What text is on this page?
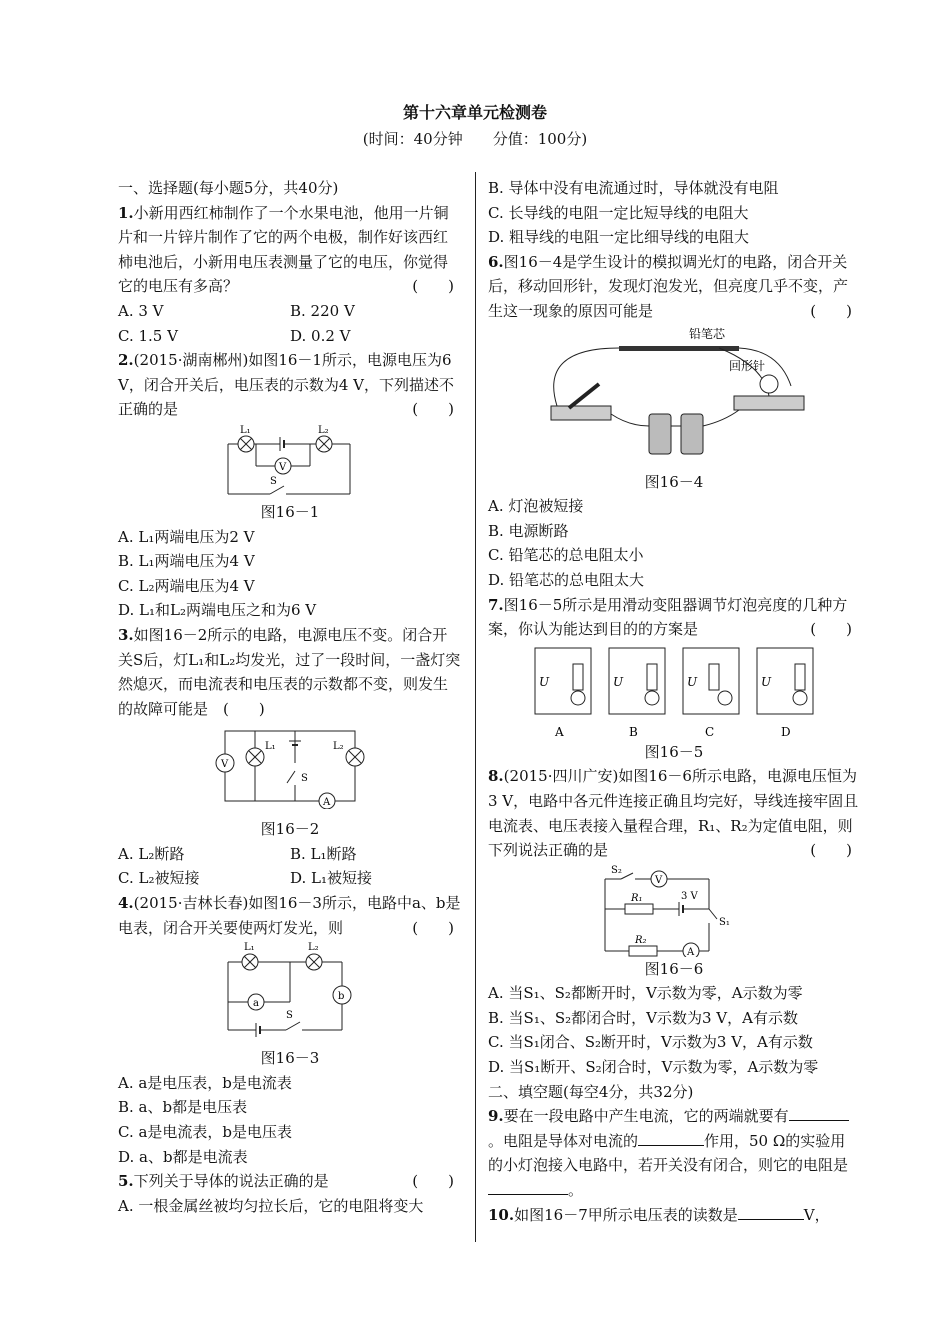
第十六章单元检测卷
(时间：40分钟　　分值：100分)

一、选择题(每小题5分，共40分)

1.小新用西红柿制作了一个水果电池，他用一片铜片和一片锌片制作了它的两个电极，制作好该西红柿电池后，小新用电压表测量了它的电压，你觉得它的电压有多高？	(　　)

A. 3 V	B. 220 V
C. 1.5 V	D. 0.2 V

2.(2015·湖南郴州)如图16－1所示，电源电压为6 V，闭合开关后，电压表的示数为4 V，下列描述不正确的是	(　　)

L₁	L₂
V
S

图16－1

A. L₁两端电压为2 V

B. L₁两端电压为4 V

C. L₂两端电压为4 V

D. L₁和L₂两端电压之和为6 V

3.如图16－2所示的电路，电源电压不变。闭合开关S后，灯L₁和L₂均发光，过了一段时间，一盏灯突然熄灭，而电流表和电压表的示数都不变，则发生的故障可能是　 (　　)

V
L₁
S
L₂
A

图16－2

A. L₂断路	B. L₁断路
C. L₂被短接	D. L₁被短接

4.(2015·吉林长春)如图16－3所示，电路中a、b是电表，闭合开关要使两灯发光，则	(　　)

L₁	L₂
a
b
S

图16－3

A. a是电压表，b是电流表

B. a、b都是电压表

C. a是电流表，b是电压表

D. a、b都是电流表

5.下列关于导体的说法正确的是	(　　)

A. 一根金属丝被均匀拉长后，它的电阻将变大

B. 导体中没有电流通过时，导体就没有电阻

C. 长导线的电阻一定比短导线的电阻大

D. 粗导线的电阻一定比细导线的电阻大

6.图16－4是学生设计的模拟调光灯的电路，闭合开关后，移动回形针，发现灯泡发光，但亮度几乎不变，产生这一现象的原因可能是	(　　)

铅笔芯
回形针

图16－4

A. 灯泡被短接

B. 电源断路

C. 铅笔芯的总电阻太小

D. 铅笔芯的总电阻太大

7.图16－5所示是用滑动变阻器调节灯泡亮度的几种方案，你认为能达到目的的方案是	(　　)

U
A
U
B
U
C
U
D

图16－5

8.(2015·四川广安)如图16－6所示电路，电源电压恒为3 V，电路中各元件连接正确且均完好，导线连接牢固且电流表、电压表接入量程合理，R₁、R₂为定值电阻，则下列说法正确的是	(　　)

S₂
V
R₁	3 V
S₁
R₂
A

图16－6

A. 当S₁、S₂都断开时，V示数为零，A示数为零

B. 当S₁、S₂都闭合时，V示数为3 V，A有示数

C. 当S₁闭合、S₂断开时，V示数为3 V，A有示数

D. 当S₁断开、S₂闭合时，V示数为零，A示数为零

二、填空题(每空4分，共32分)

9.要在一段电路中产生电流，它的两端就要有。电阻是导体对电流的	作用，50 Ω的实验用的小灯泡接入电路中，若开关没有闭合，则它的电阻是。

10.如图16－7甲所示电压表的读数是	V，
